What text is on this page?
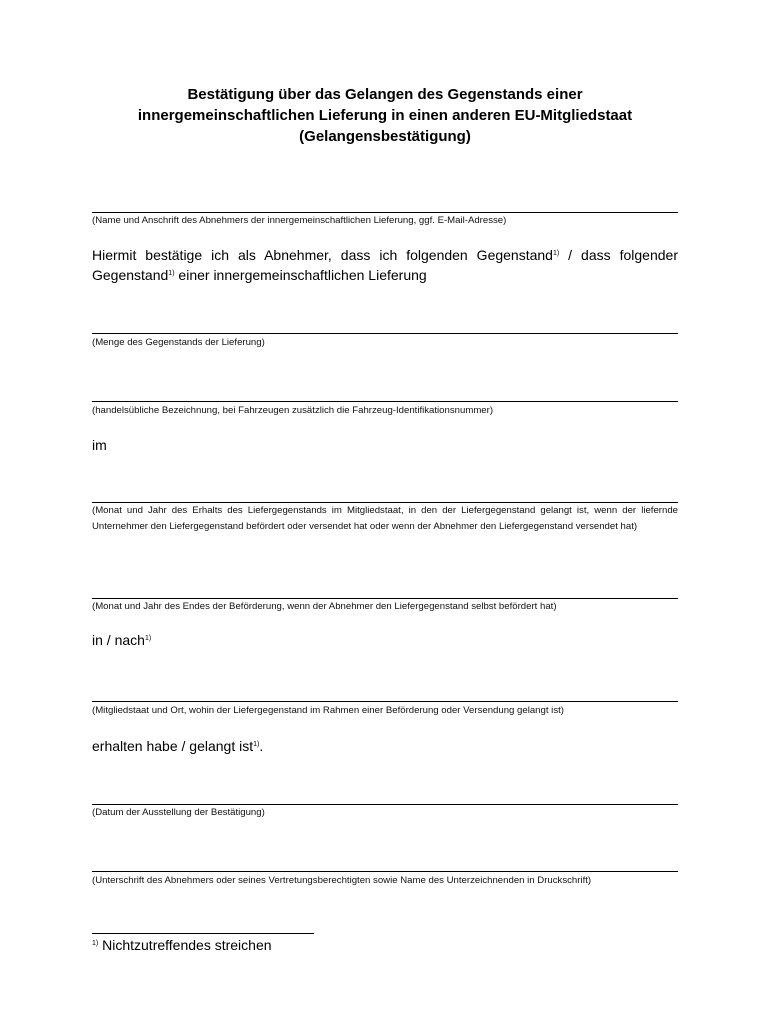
Bestätigung über das Gelangen des Gegenstands einer
innergemeinschaftlichen Lieferung in einen anderen EU-Mitgliedstaat
(Gelangensbestätigung)
(Name und Anschrift des Abnehmers der innergemeinschaftlichen Lieferung, ggf. E-Mail-Adresse)
Hiermit bestätige ich als Abnehmer, dass ich folgenden Gegenstand$^{1)}$ / dass folgender Gegenstand$^{1)}$ einer innergemeinschaftlichen Lieferung
(Menge des Gegenstands der Lieferung)
(handelsübliche Bezeichnung, bei Fahrzeugen zusätzlich die Fahrzeug-Identifikationsnummer)
im
(Monat und Jahr des Erhalts des Liefergegenstands im Mitgliedstaat, in den der Liefergegenstand gelangt ist, wenn der liefernde Unternehmer den Liefergegenstand befördert oder versendet hat oder wenn der Abnehmer den Liefergegenstand versendet hat)
(Monat und Jahr des Endes der Beförderung, wenn der Abnehmer den Liefergegenstand selbst befördert hat)
in / nach$^{1)}$
(Mitgliedstaat und Ort, wohin der Liefergegenstand im Rahmen einer Beförderung oder Versendung gelangt ist)
erhalten habe / gelangt ist$^{1)}$.
(Datum der Ausstellung der Bestätigung)
(Unterschrift des Abnehmers oder seines Vertretungsberechtigten sowie Name des Unterzeichnenden in Druckschrift)
$^{1)}$ Nichtzutreffendes streichen
